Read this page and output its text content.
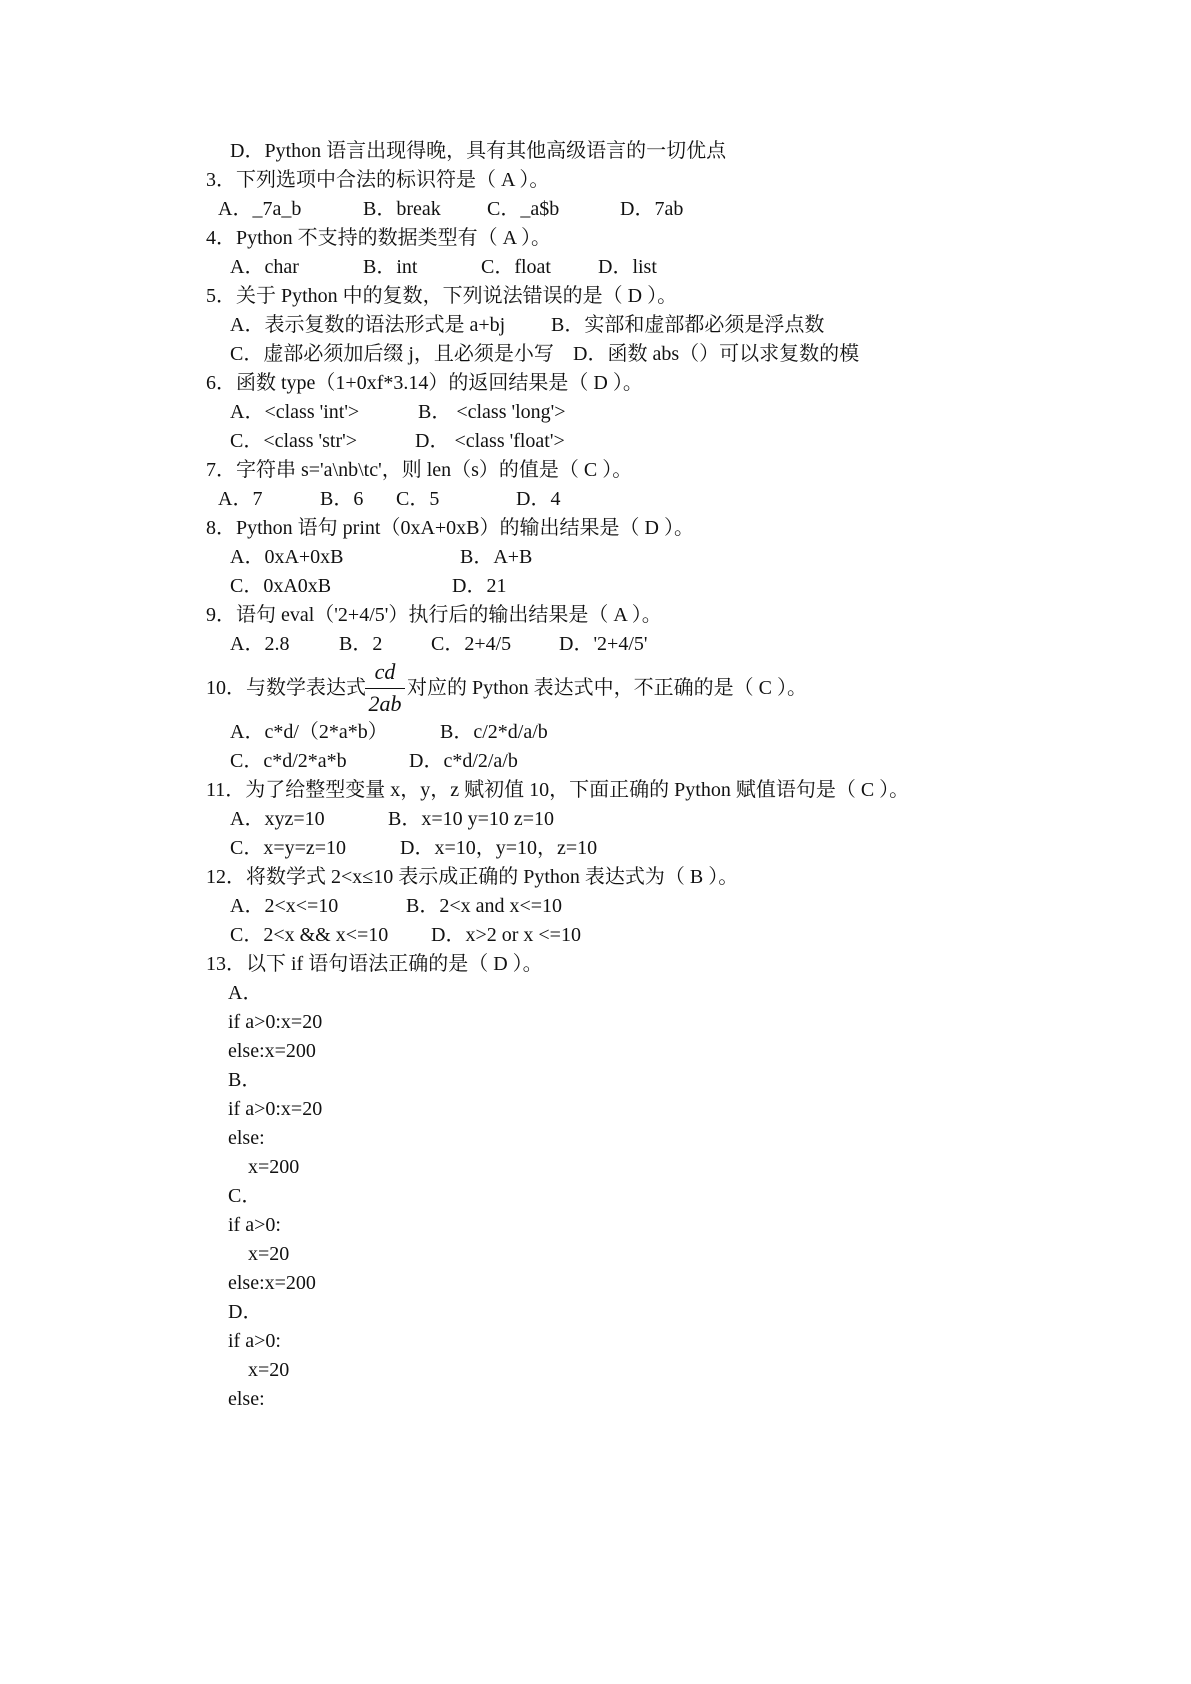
D．Python 语言出现得晚，具有其他高级语言的一切优点
3．下列选项中合法的标识符是（ A ）。
A．_7a_b	B．break C．_a$b	D．7ab
4．Python 不支持的数据类型有（ A ）。
A．char	B．int	C．float D．list
5．关于 Python 中的复数，下列说法错误的是（ D ）。
A．表示复数的语法形式是 a+bj B．实部和虚部都必须是浮点数
C．虚部必须加后缀 j，且必须是小写 D．函数 abs（）可以求复数的模
6．函数 type（1+0xf*3.14）的返回结果是（ D ）。
A．<class 'int'>	B． <class 'long'>
C．<class 'str'>	D． <class 'float'>
7．字符串 s='a\nb\tc'，则 len（s）的值是（ C ）。
A．7	B．6 C．5	D．4
8．Python 语句 print（0xA+0xB）的输出结果是（ D ）。
A．0xA+0xB	B．A+B
C．0xA0xB	D．21
9．语句 eval（'2+4/5'）执行后的输出结果是（ A ）。
A．2.8 B．2 C．2+4/5 D．'2+4/5'
10．与数学表达式
cd
2ab
对应的 Python 表达式中，不正确的是（ C ）。
A．c*d/（2*a*b）	B．c/2*d/a/b
C．c*d/2*a*b	D．c*d/2/a/b
11．为了给整型变量 x，y，z 赋初值 10，下面正确的 Python 赋值语句是（ C ）。
A．xyz=10	B．x=10 y=10 z=10
C．x=y=z=10	D．x=10，y=10，z=10
12．将数学式 2<x≤10 表示成正确的 Python 表达式为（ B ）。
A．2<x<=10	B．2<x and x<=10
C．2<x && x<=10 D．x>2 or x <=10
13．以下 if 语句语法正确的是（ D ）。
A．
if a>0:x=20
else:x=200
B．
if a>0:x=20
else:
x=200
C．
if a>0:
x=20
else:x=200
D．
if a>0:
x=20
else:
